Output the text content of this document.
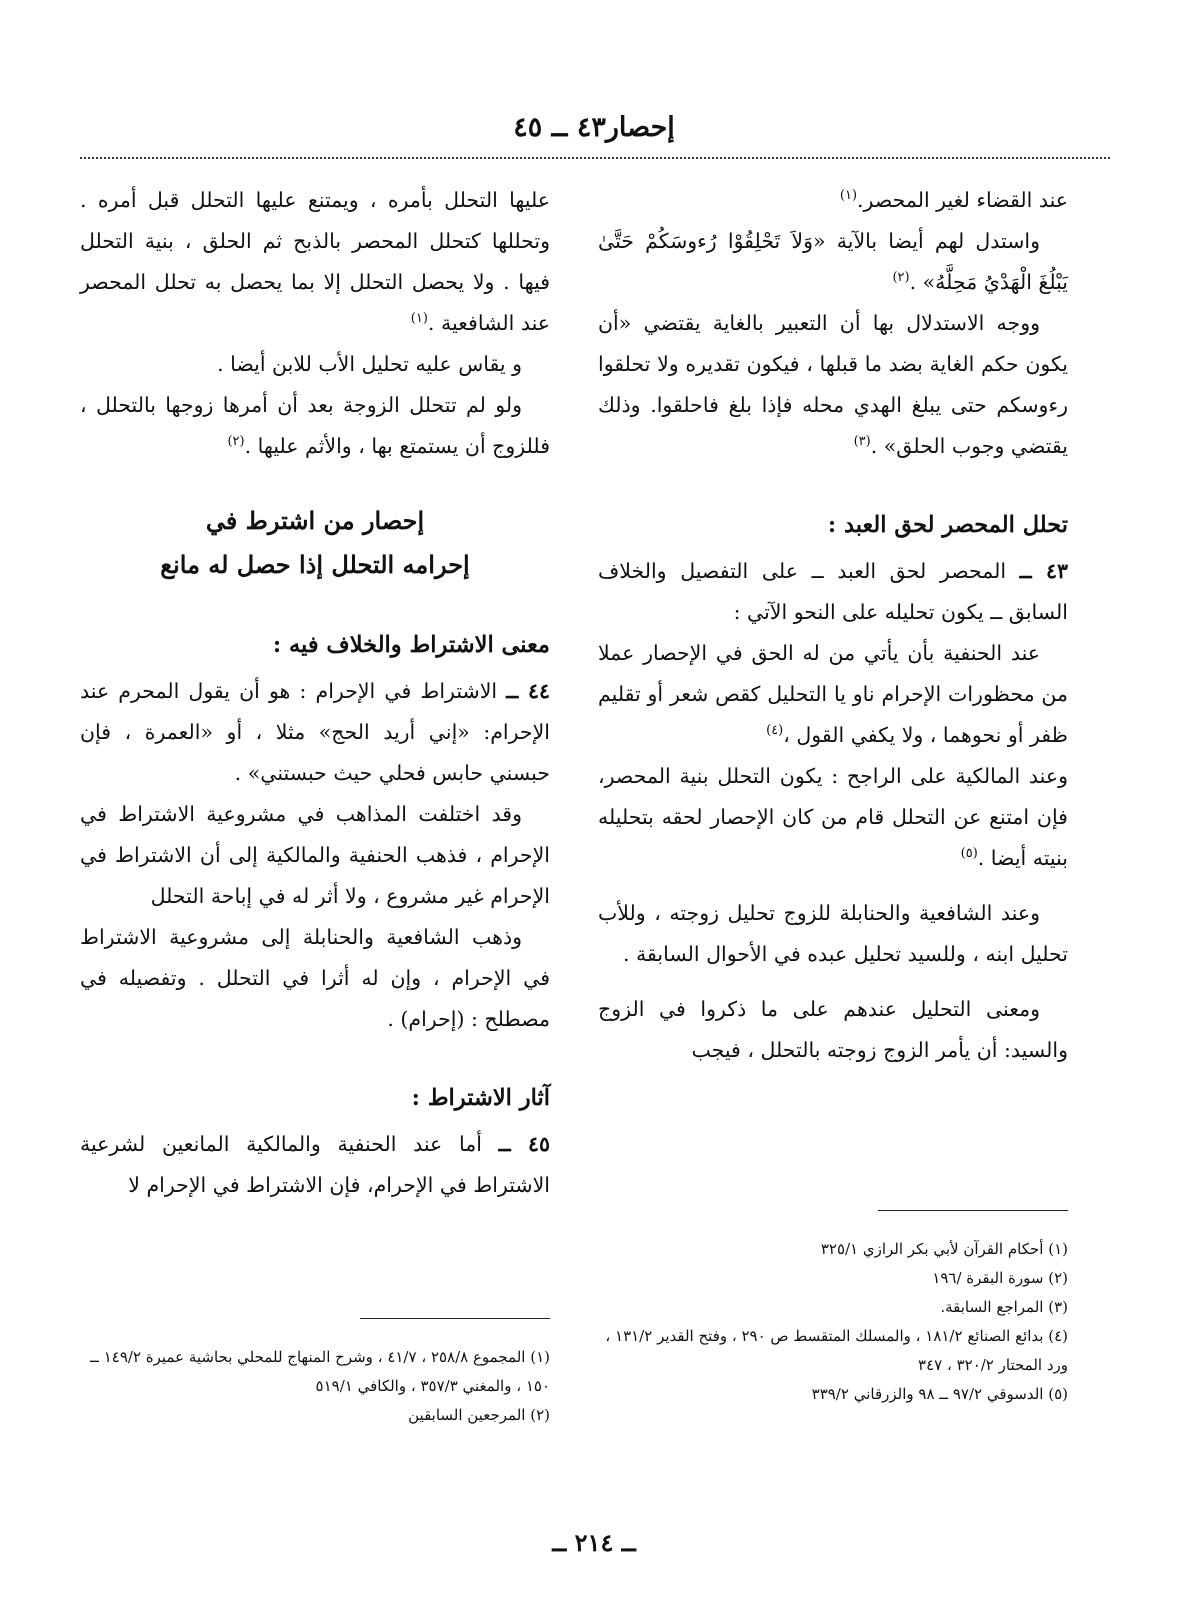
إحصار٤٣ ــ ٤٥

عند القضاء لغير المحصر.$^{(١)}$

واستدل لهم أيضا بالآية «وَلاَ تَحْلِقُوْا رُءوسَكُمْ حَتَّىٰ يَبْلُغَ الْهَدْيُ مَحِلَّهُ» .$^{(٢)}$

ووجه الاستدلال بها أن التعبير بالغاية يقتضي «أن يكون حكم الغاية بضد ما قبلها ، فيكون تقديره ولا تحلقوا رءوسكم حتى يبلغ الهدي محله فإذا بلغ فاحلقوا. وذلك يقتضي وجوب الحلق» .$^{(٣)}$

تحلل المحصر لحق العبد :

٤٣ ــ المحصر لحق العبد ــ على التفصيل والخلاف السابق ــ يكون تحليله على النحو الآتي :

عند الحنفية بأن يأتي من له الحق في الإحصار عملا من محظورات الإحرام ناو يا التحليل كقص شعر أو تقليم ظفر أو نحوهما ، ولا يكفي القول ،$^{(٤)}$

وعند المالكية على الراجح : يكون التحلل بنية المحصر، فإن امتنع عن التحلل قام من كان الإحصار لحقه بتحليله بنيته أيضا .$^{(٥)}$

وعند الشافعية والحنابلة للزوج تحليل زوجته ، وللأب تحليل ابنه ، وللسيد تحليل عبده في الأحوال السابقة .

ومعنى التحليل عندهم على ما ذكروا في الزوج والسيد: أن يأمر الزوج زوجته بالتحلل ، فيجب

عليها التحلل بأمره ، ويمتنع عليها التحلل قبل أمره . وتحللها كتحلل المحصر بالذبح ثم الحلق ، بنية التحلل فيها . ولا يحصل التحلل إلا بما يحصل به تحلل المحصر عند الشافعية .$^{(١)}$

و يقاس عليه تحليل الأب للابن أيضا .

ولو لم تتحلل الزوجة بعد أن أمرها زوجها بالتحلل ، فللزوج أن يستمتع بها ، والأثم عليها .$^{(٢)}$

إحصار من اشترط في
إحرامه التحلل إذا حصل له مانع
معنى الاشتراط والخلاف فيه :

٤٤ ــ الاشتراط في الإحرام : هو أن يقول المحرم عند الإحرام: «إني أريد الحج» مثلا ، أو «العمرة ، فإن حبسني حابس فحلي حيث حبستني» .

وقد اختلفت المذاهب في مشروعية الاشتراط في الإحرام ، فذهب الحنفية والمالكية إلى أن الاشتراط في الإحرام غير مشروع ، ولا أثر له في إباحة التحلل

وذهب الشافعية والحنابلة إلى مشروعية الاشتراط في الإحرام ، وإن له أثرا في التحلل . وتفصيله في مصطلح : (إحرام) .

آثار الاشتراط :

٤٥ ــ أما عند الحنفية والمالكية المانعين لشرعية الاشتراط في الإحرام، فإن الاشتراط في الإحرام لا

(١) أحكام القرآن لأبي بكر الرازي ٣٢٥/١

(٢) سورة البقرة /١٩٦

(٣) المراجع السابقة.

(٤) بدائع الصنائع ١٨١/٢ ، والمسلك المتقسط ص ٢٩٠ ، وفتح القدير ١٣١/٢ ، ورد المحتار ٣٢٠/٢ ، ٣٤٧

(٥) الدسوقي ٩٧/٢ ــ ٩٨ والزرقاني ٣٣٩/٢

(١) المجموع ٢٥٨/٨ ، ٤١/٧ ، وشرح المنهاج للمحلي بحاشية عميرة ١٤٩/٢ ــ ١٥٠ ، والمغني ٣٥٧/٣ ، والكافي ٥١٩/١

(٢) المرجعين السابقين

ــ ٢١٤ ــ
